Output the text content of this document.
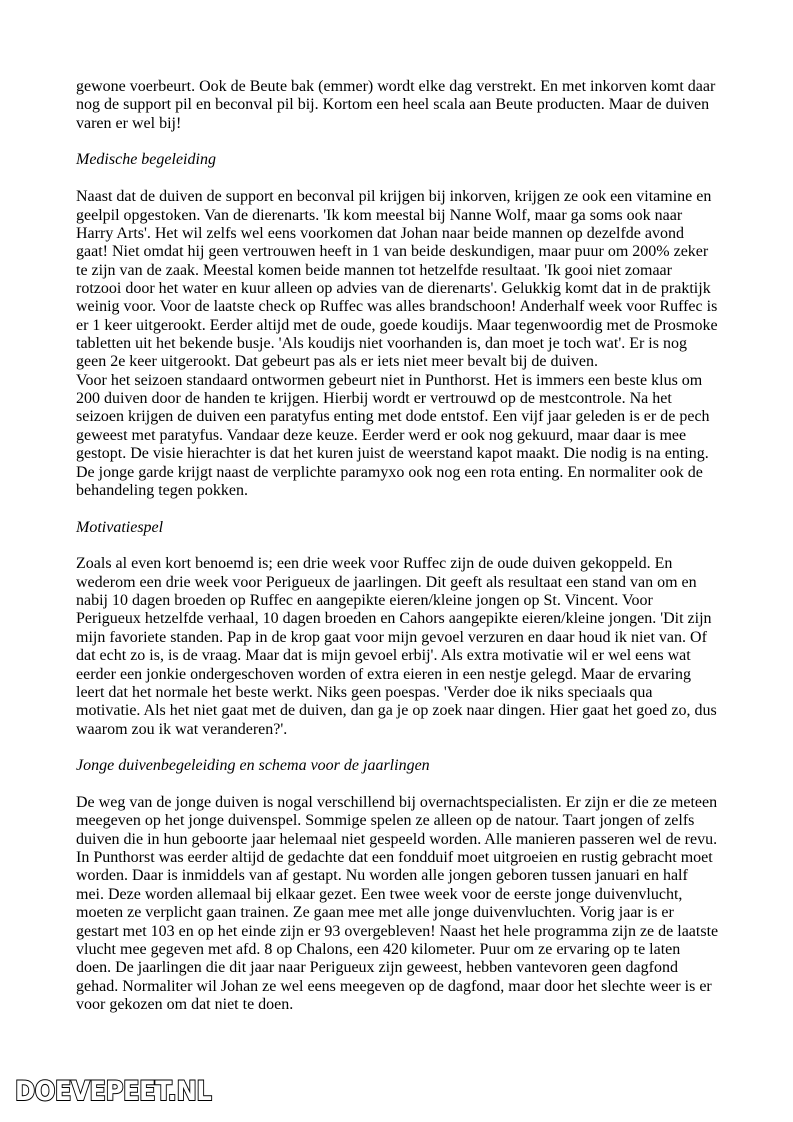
gewone voerbeurt. Ook de Beute bak (emmer) wordt elke dag verstrekt. En met inkorven komt daar
nog de support pil en beconval pil bij. Kortom een heel scala aan Beute producten. Maar de duiven
varen er wel bij!
Medische begeleiding
Naast dat de duiven de support en beconval pil krijgen bij inkorven, krijgen ze ook een vitamine en
geelpil opgestoken. Van de dierenarts. 'Ik kom meestal bij Nanne Wolf, maar ga soms ook naar
Harry Arts'. Het wil zelfs wel eens voorkomen dat Johan naar beide mannen op dezelfde avond
gaat! Niet omdat hij geen vertrouwen heeft in 1 van beide deskundigen, maar puur om 200% zeker
te zijn van de zaak. Meestal komen beide mannen tot hetzelfde resultaat. 'Ik gooi niet zomaar
rotzooi door het water en kuur alleen op advies van de dierenarts'. Gelukkig komt dat in de praktijk
weinig voor. Voor de laatste check op Ruffec was alles brandschoon! Anderhalf week voor Ruffec is
er 1 keer uitgerookt. Eerder altijd met de oude, goede koudijs. Maar tegenwoordig met de Prosmoke
tabletten uit het bekende busje. 'Als koudijs niet voorhanden is, dan moet je toch wat'. Er is nog
geen 2e keer uitgerookt. Dat gebeurt pas als er iets niet meer bevalt bij de duiven.
Voor het seizoen standaard ontwormen gebeurt niet in Punthorst. Het is immers een beste klus om
200 duiven door de handen te krijgen. Hierbij wordt er vertrouwd op de mestcontrole. Na het
seizoen krijgen de duiven een paratyfus enting met dode entstof. Een vijf jaar geleden is er de pech
geweest met paratyfus. Vandaar deze keuze. Eerder werd er ook nog gekuurd, maar daar is mee
gestopt. De visie hierachter is dat het kuren juist de weerstand kapot maakt. Die nodig is na enting.
De jonge garde krijgt naast de verplichte paramyxo ook nog een rota enting. En normaliter ook de
behandeling tegen pokken.
Motivatiespel
Zoals al even kort benoemd is; een drie week voor Ruffec zijn de oude duiven gekoppeld. En
wederom een drie week voor Perigueux de jaarlingen. Dit geeft als resultaat een stand van om en
nabij 10 dagen broeden op Ruffec en aangepikte eieren/kleine jongen op St. Vincent. Voor
Perigueux hetzelfde verhaal, 10 dagen broeden en Cahors aangepikte eieren/kleine jongen. 'Dit zijn
mijn favoriete standen. Pap in de krop gaat voor mijn gevoel verzuren en daar houd ik niet van. Of
dat echt zo is, is de vraag. Maar dat is mijn gevoel erbij'. Als extra motivatie wil er wel eens wat
eerder een jonkie ondergeschoven worden of extra eieren in een nestje gelegd. Maar de ervaring
leert dat het normale het beste werkt. Niks geen poespas. 'Verder doe ik niks speciaals qua
motivatie. Als het niet gaat met de duiven, dan ga je op zoek naar dingen. Hier gaat het goed zo, dus
waarom zou ik wat veranderen?'.
Jonge duivenbegeleiding en schema voor de jaarlingen
De weg van de jonge duiven is nogal verschillend bij overnachtspecialisten. Er zijn er die ze meteen
meegeven op het jonge duivenspel. Sommige spelen ze alleen op de natour. Taart jongen of zelfs
duiven die in hun geboorte jaar helemaal niet gespeeld worden. Alle manieren passeren wel de revu.
In Punthorst was eerder altijd de gedachte dat een fondduif moet uitgroeien en rustig gebracht moet
worden. Daar is inmiddels van af gestapt. Nu worden alle jongen geboren tussen januari en half
mei. Deze worden allemaal bij elkaar gezet. Een twee week voor de eerste jonge duivenvlucht,
moeten ze verplicht gaan trainen. Ze gaan mee met alle jonge duivenvluchten. Vorig jaar is er
gestart met 103 en op het einde zijn er 93 overgebleven! Naast het hele programma zijn ze de laatste
vlucht mee gegeven met afd. 8 op Chalons, een 420 kilometer. Puur om ze ervaring op te laten
doen. De jaarlingen die dit jaar naar Perigueux zijn geweest, hebben vantevoren geen dagfond
gehad. Normaliter wil Johan ze wel eens meegeven op de dagfond, maar door het slechte weer is er
voor gekozen om dat niet te doen.
DOEVEPEET.NL
